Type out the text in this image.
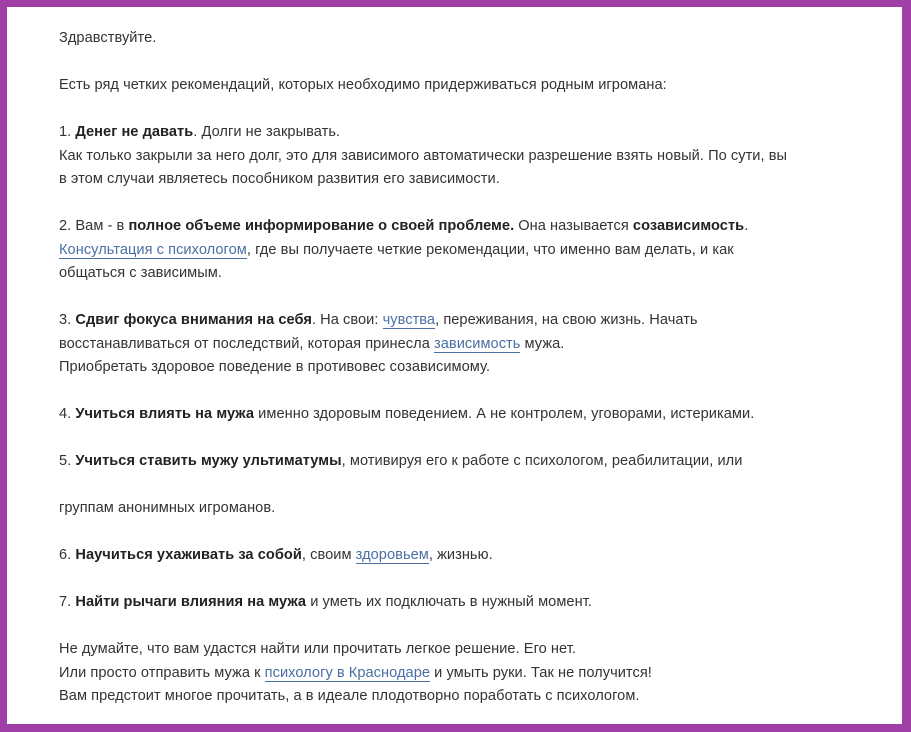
Здравствуйте.

Есть ряд четких рекомендаций, которых необходимо придерживаться родным игромана:

1. Денег не давать. Долги не закрывать.

Как только закрыли за него долг, это для зависимого автоматически разрешение взять новый. По сути, вы

в этом случаи являетесь пособником развития его зависимости.

2. Вам - в полное объеме информирование о своей проблеме. Она называется созависимость.

Консультация с психологом, где вы получаете четкие рекомендации, что именно вам делать, и как

общаться с зависимым.

3. Сдвиг фокуса внимания на себя. На свои: чувства, переживания, на свою жизнь. Начать

восстанавливаться от последствий, которая принесла зависимость мужа.

Приобретать здоровое поведение в противовес созависимому.

4. Учиться влиять на мужа именно здоровым поведением. А не контролем, уговорами, истериками.

5. Учиться ставить мужу ультиматумы, мотивируя его к работе с психологом, реабилитации, или

группам анонимных игроманов.

6. Научиться ухаживать за собой, своим здоровьем, жизнью.

7. Найти рычаги влияния на мужа и уметь их подключать в нужный момент.

Не думайте, что вам удастся найти или прочитать легкое решение. Его нет.

Или просто отправить мужа к психологу в Краснодаре и умыть руки. Так не получится!

Вам предстоит многое прочитать, а в идеале плодотворно поработать с психологом.
